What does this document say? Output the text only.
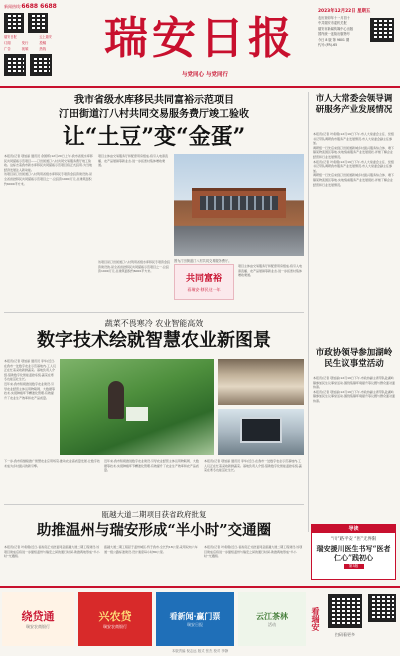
新闻热线:6688 6688
瑞安日报	云上瑞安
订阅	发行	投稿
广告	视频	热线 瑞安日报
与党同心 与党同行
2023年12月22日 星期五
农历癸卯年十一月初十
中共瑞安市委机关报
瑞安市新闻传媒中心出版
国内统一连续出版物号
今日 8 版 第 9801 期
代号:(FR)-65
我市省级水库移民共同富裕示范项目
汀田街道汀八村共同交易服务费厅竣工验收
让“土豆”变“金蛋”

本报讯(记者 项加丽 通讯员 余国邦)12月20日上午,我市省级水库移民共同富裕示范项目——汀田街道汀八村共同交易服务费厅竣工验收。这标志着我市新水库移民共同富裕示范项目将正式投用,为当地经济发展注入新动能。

该项目是汀田街道汀八村利用省级水库移民专项资金投资建设的,是全省首批移民共同富裕示范项目之一,总投资1900万元,总建筑面积约6000平方米。

项目主体由交易服务厅和配套用房组成,将引入电商直播、农产品展销等新业态,进一步拓宽村集体增收渠道。

图为汀田街道汀八村共同交易服务费厅。
共同富裕
看瑞安·移民这一年

该项目是汀田街道汀八村利用省级水库移民专项资金投资建设的,是全省首批移民共同富裕示范项目之一,总投资1900万元,总建筑面积约6000平方米。

项目主体由交易服务厅和配套用房组成,将引入电商直播、农产品展销等新业态,进一步拓宽村集体增收渠道。

市人大常委会领导调研服务产业发展情况

本报讯(记者 叶希翔)12月19日下午,市人大常委会主任、党组书记带队调研我市服务产业发展情况,市人大常委会副主任参加。

调研组一行先后来到汀田街道新城乡村振兴服务综合体、塘下镇某物流园区等地,实地察看服务产业发展现状,详细了解企业经营和行业发展情况。

本报讯(记者 叶希翔)12月19日下午,市人大常委会主任、党组书记带队调研我市服务产业发展情况,市人大常委会副主任参加。

调研组一行先后来到汀田街道新城乡村振兴服务综合体、塘下镇某物流园区等地,实地察看服务产业发展现状,详细了解企业经营和行业发展情况。

市政协领导参加湖岭民生议事堂活动

本报讯(记者 项加丽)12月19日下午,市政协副主席带队赴湖岭镇参加民生议事堂活动,围绕集镇环境提升等议题与群众面对面协商。

本报讯(记者 项加丽)12月19日下午,市政协副主席带队赴湖岭镇参加民生议事堂活动,围绕集镇环境提升等议题与群众面对面协商。

导读
“川”路平安 “医”无界限
瑞安援川医生书写“医者仁心”践初心
第3版
蔬菜不畏寒冷 农业智能高效
数字技术绘就智慧农业新图景

本报讯(记者 项加丽 通讯员 李华)近日,在我市一处数字农业示范基地内,工人们正在忙着采收新鲜蔬菜。基地负责人介绍,借助数字化智能温控系统,蔬菜在寒冬也能茁壮生长。

近年来,我市积极推进数字农业建设,引导农业经营主体运用物联网、大数据等技术,实现种植环节精准化管理,有效提升了农业生产效率和农产品质量。

下一步,我市将继续推广智慧农业应用场景,推动农业高质量发展,让数字技术成为乡村振兴的新引擎。

近年来,我市积极推进数字农业建设,引导农业经营主体运用物联网、大数据等技术,实现种植环节精准化管理,有效提升了农业生产效率和农产品质量。

本报讯(记者 项加丽 通讯员 李华)近日,在我市一处数字农业示范基地内,工人们正在忙着采收新鲜蔬菜。基地负责人介绍,借助数字化智能温控系统,蔬菜在寒冬也能茁壮生长。

瓯越大道二期项目获省政府批复
助推温州与瑞安形成“半小时”交通圈

本报讯(记者 叶希翔)近日,省政府正式批复同意瓯越大道二期工程建设,该项目建成后将进一步缩短温州与瑞安之间的通行时间,助推两地形成“半小时”交通圈。

瓯越大道二期工程起于温州城区,终于我市,全长约18公里,采用双向六车道一级公路标准建设,设计速度每小时80公里。

本报讯(记者 叶希翔)近日,省政府正式批复同意瓯越大道二期工程建设,该项目建成后将进一步缩短温州与瑞安之间的通行时间,助推两地形成“半小时”交通圈。

绕贷通
瑞安农商银行
兴农贷
瑞安农商银行
看新闻·赢门票
瑞安日报
云江茶林
活动	看瑞安
扫码看更多
本版责编 倪志远 版式 张杰 校对 李静
